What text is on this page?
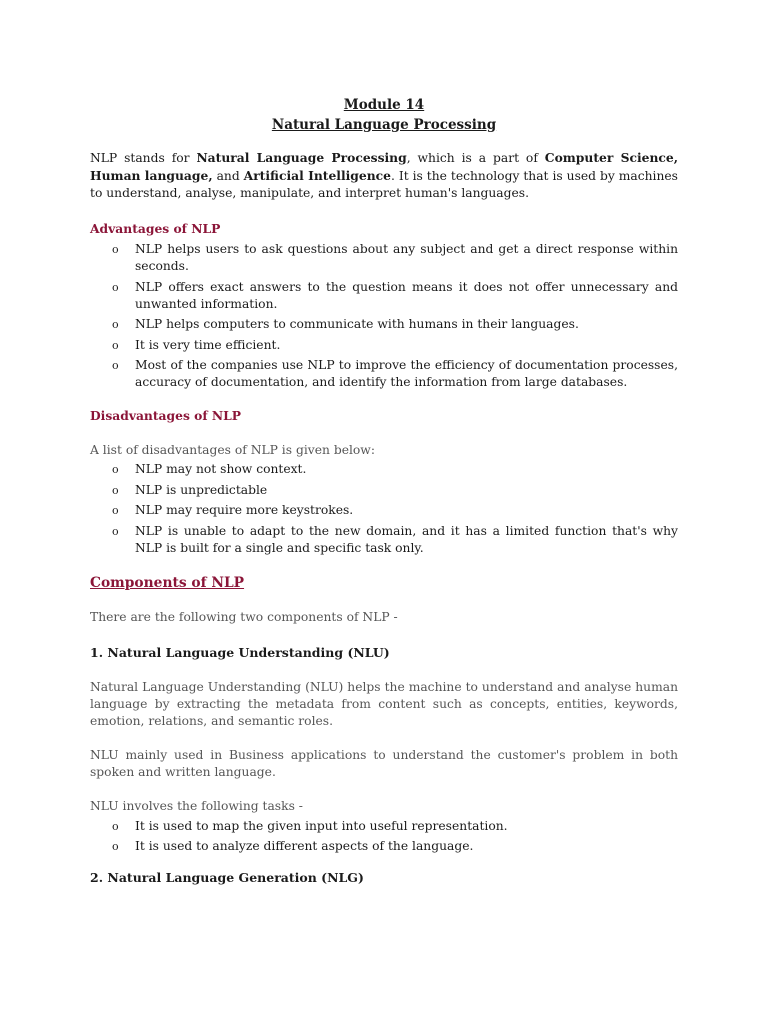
Module 14
Natural Language Processing

NLP stands for Natural Language Processing, which is a part of Computer Science, Human language, and Artificial Intelligence. It is the technology that is used by machines to understand, analyse, manipulate, and interpret human's languages.

Advantages of NLP
o NLP helps users to ask questions about any subject and get a direct response within seconds.
o NLP offers exact answers to the question means it does not offer unnecessary and unwanted information.
o NLP helps computers to communicate with humans in their languages.
o It is very time efficient.
o Most of the companies use NLP to improve the efficiency of documentation processes, accuracy of documentation, and identify the information from large databases.
Disadvantages of NLP

A list of disadvantages of NLP is given below:

o NLP may not show context.
o NLP is unpredictable
o NLP may require more keystrokes.
o NLP is unable to adapt to the new domain, and it has a limited function that's why NLP is built for a single and specific task only.
Components of NLP

There are the following two components of NLP -

1. Natural Language Understanding (NLU)

Natural Language Understanding (NLU) helps the machine to understand and analyse human language by extracting the metadata from content such as concepts, entities, keywords, emotion, relations, and semantic roles.

NLU mainly used in Business applications to understand the customer's problem in both spoken and written language.

NLU involves the following tasks -

o It is used to map the given input into useful representation.
o It is used to analyze different aspects of the language.
2. Natural Language Generation (NLG)
